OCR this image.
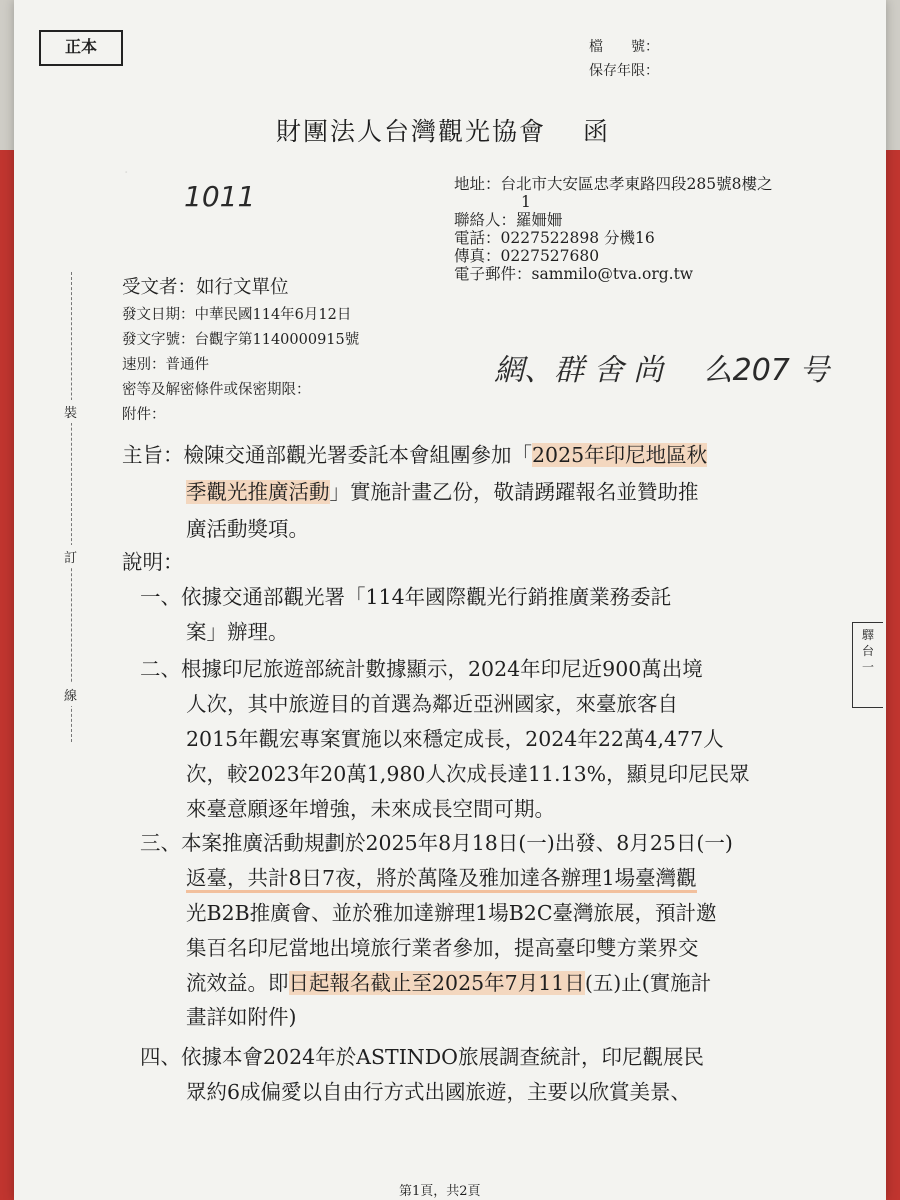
正本	檔　　號：
保存年限：
財團法人台灣觀光協會　 函
·
1011	地址：台北市大安區忠孝東路四段285號8樓之
1
聯絡人：羅姍姍
電話：0227522898 分機16
傳真：0227527680
電子郵件：sammilo@tva.org.tw
受文者：如行文單位
發文日期：中華民國114年6月12日
發文字號：台觀字第1140000915號
速別：普通件
密等及解密條件或保密期限：
附件：
網、群 舍 尚　 么207 号
裝
訂
線
驛
台
一
主旨：檢陳交通部觀光署委託本會組團參加「2025年印尼地區秋
季觀光推廣活動」實施計畫乙份，敬請踴躍報名並贊助推
廣活動獎項。
說明：
一、依據交通部觀光署「114年國際觀光行銷推廣業務委託
案」辦理。
二、根據印尼旅遊部統計數據顯示，2024年印尼近900萬出境
人次，其中旅遊目的首選為鄰近亞洲國家，來臺旅客自
2015年觀宏專案實施以來穩定成長，2024年22萬4,477人
次，較2023年20萬1,980人次成長達11.13%，顯見印尼民眾
來臺意願逐年增強，未來成長空間可期。
三、本案推廣活動規劃於2025年8月18日(一)出發、8月25日(一)
返臺，共計8日7夜，將於萬隆及雅加達各辦理1場臺灣觀
光B2B推廣會、並於雅加達辦理1場B2C臺灣旅展，預計邀
集百名印尼當地出境旅行業者參加，提高臺印雙方業界交
流效益。即日起報名截止至2025年7月11日(五)止(實施計
畫詳如附件)
四、依據本會2024年於ASTINDO旅展調查統計，印尼觀展民
眾約6成偏愛以自由行方式出國旅遊，主要以欣賞美景、
第1頁，共2頁
